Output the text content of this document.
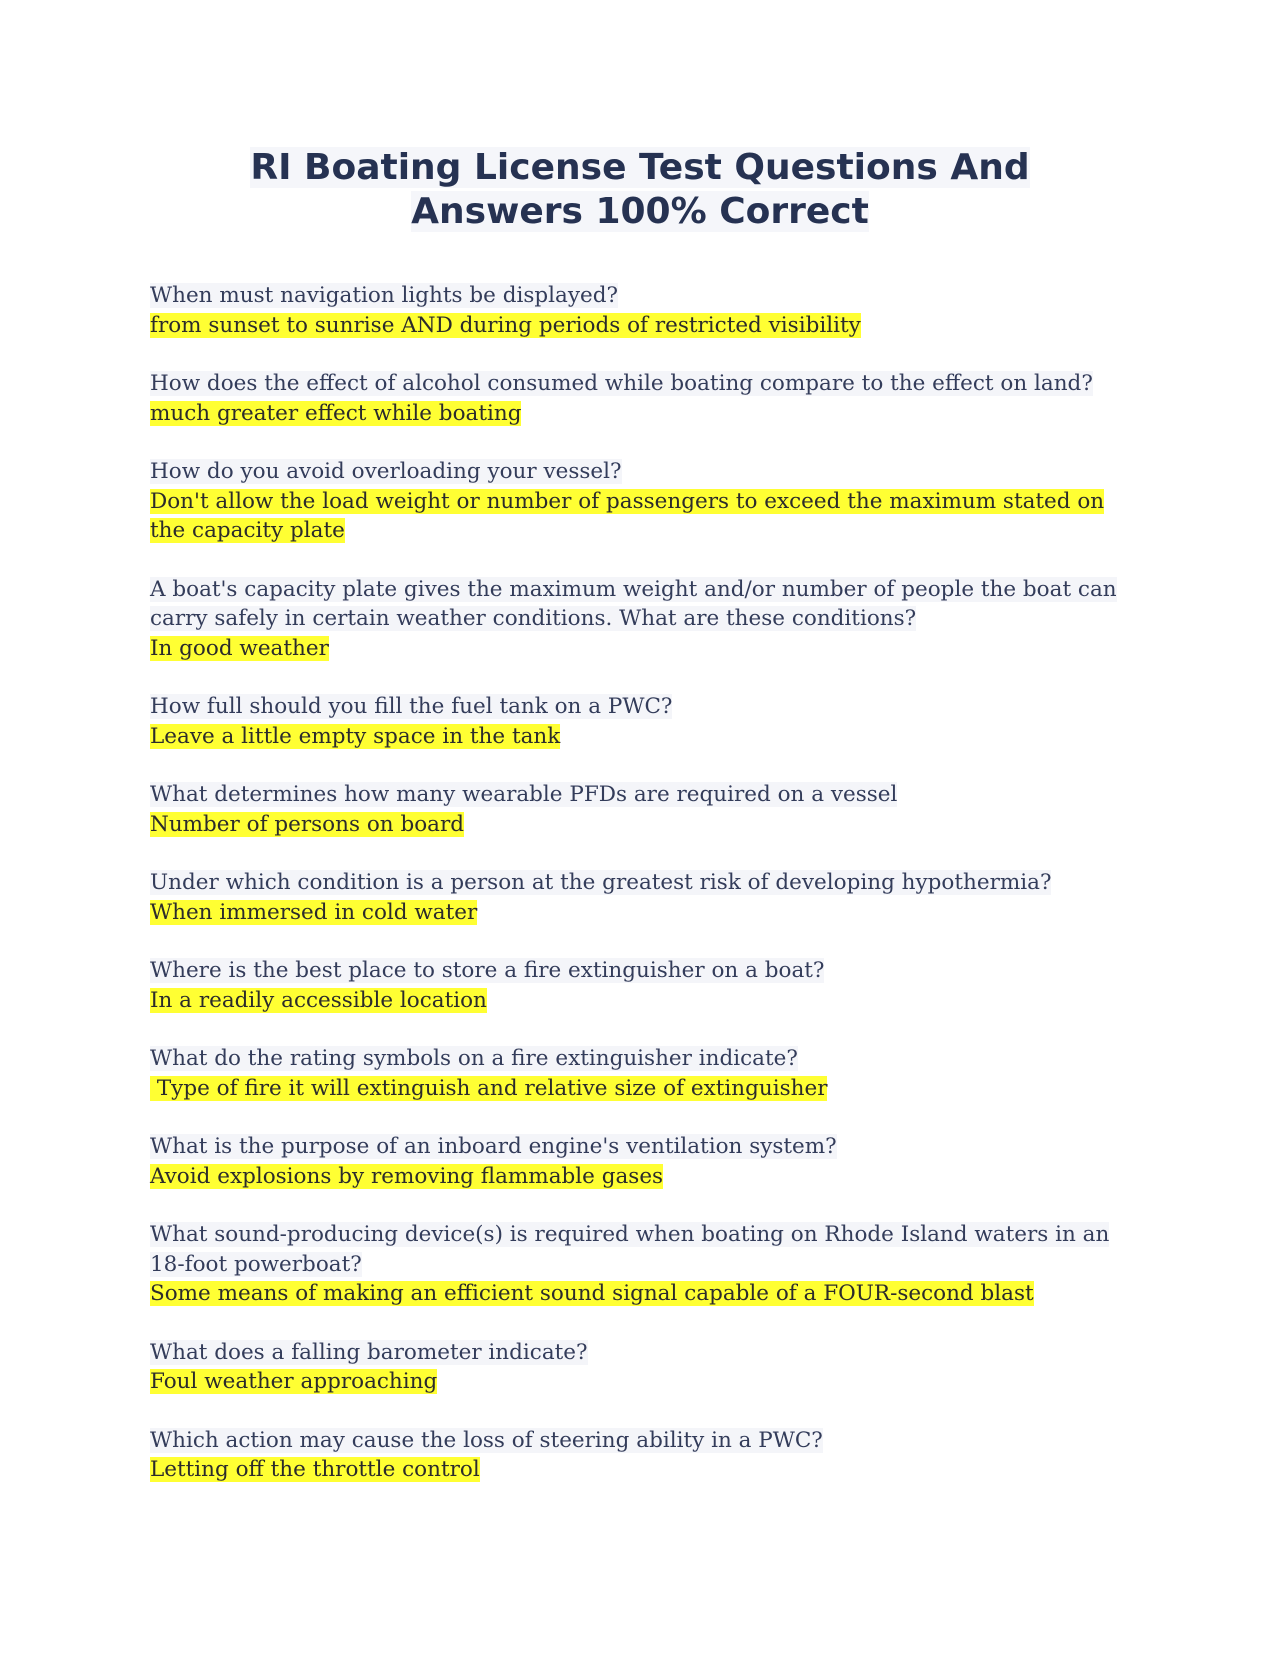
RI Boating License Test Questions And
Answers 100% Correct
When must navigation lights be displayed?
from sunset to sunrise AND during periods of restricted visibility
How does the effect of alcohol consumed while boating compare to the effect on land?
much greater effect while boating
How do you avoid overloading your vessel?
Don't allow the load weight or number of passengers to exceed the maximum stated on the capacity plate
A boat's capacity plate gives the maximum weight and/or number of people the boat can carry safely in certain weather conditions. What are these conditions?
In good weather
How full should you fill the fuel tank on a PWC?
Leave a little empty space in the tank
What determines how many wearable PFDs are required on a vessel
Number of persons on board
Under which condition is a person at the greatest risk of developing hypothermia?
When immersed in cold water
Where is the best place to store a fire extinguisher on a boat?
In a readily accessible location
What do the rating symbols on a fire extinguisher indicate?
Type of fire it will extinguish and relative size of extinguisher
What is the purpose of an inboard engine's ventilation system?
Avoid explosions by removing flammable gases
What sound-producing device(s) is required when boating on Rhode Island waters in an 18-foot powerboat?
Some means of making an efficient sound signal capable of a FOUR-second blast
What does a falling barometer indicate?
Foul weather approaching
Which action may cause the loss of steering ability in a PWC?
Letting off the throttle control
